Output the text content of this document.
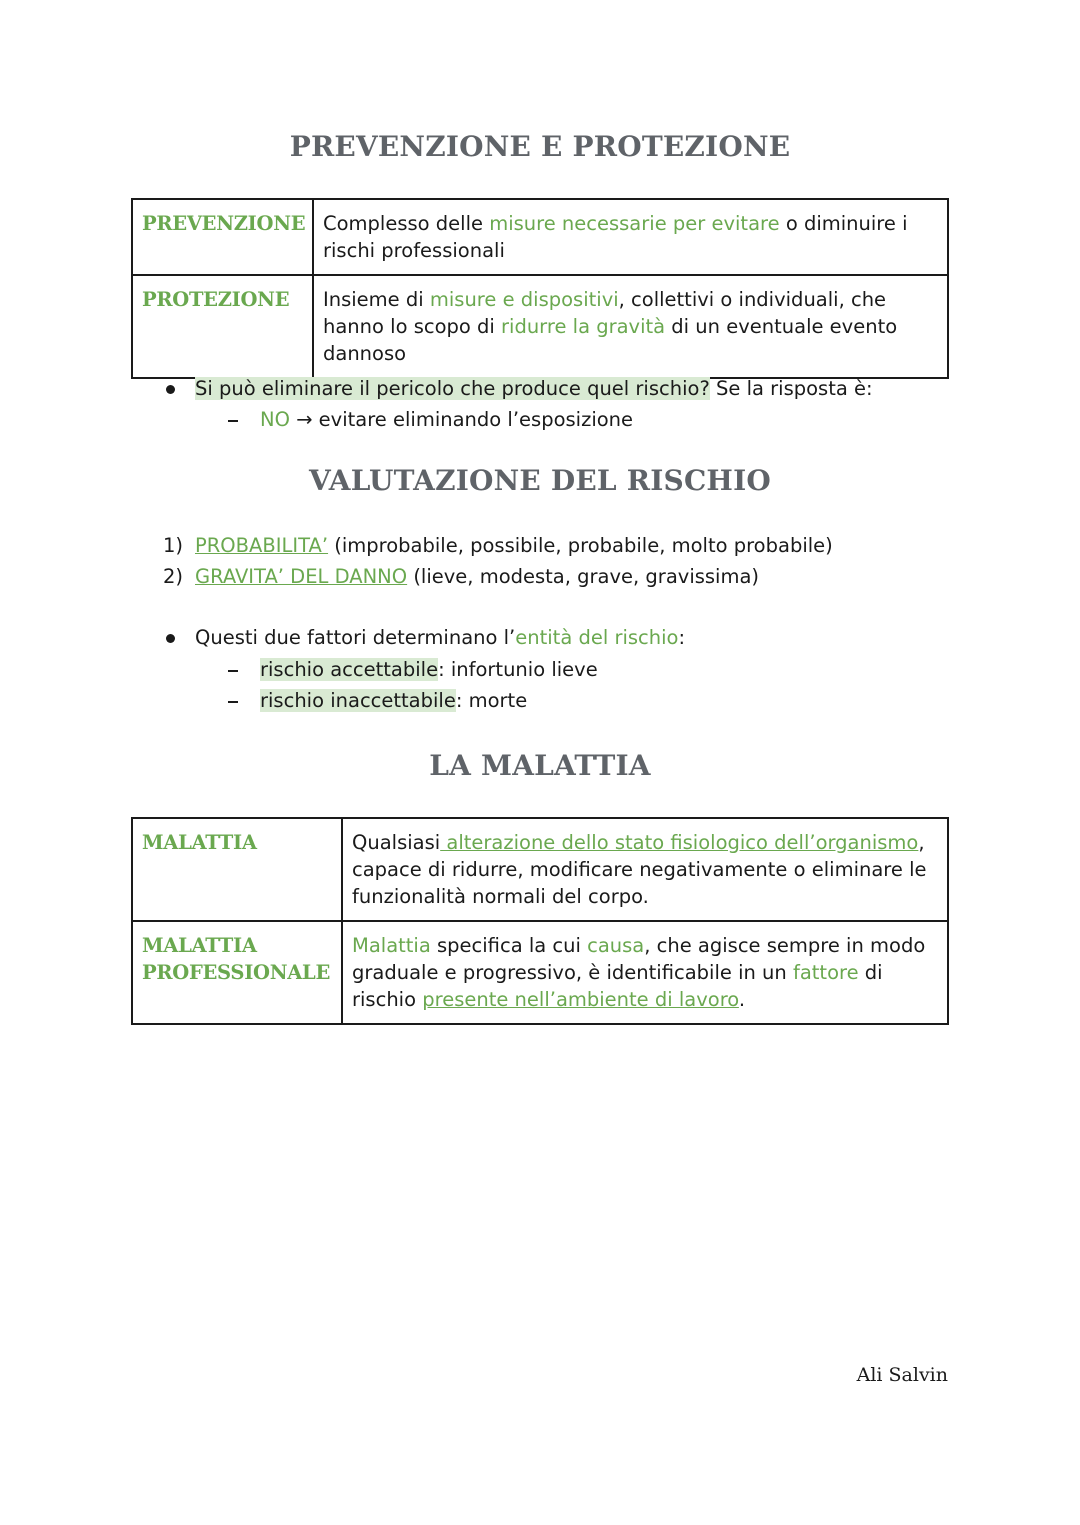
PREVENZIONE E PROTEZIONE
PREVENZIONE	Complesso delle misure necessarie per evitare o diminuire i rischi professionali
PROTEZIONE	Insieme di misure e dispositivi, collettivi o individuali, che hanno lo scopo di ridurre la gravità di un eventuale evento dannoso
Si può eliminare il pericolo che produce quel rischio? Se la risposta è:
NO → evitare eliminando l’esposizione
VALUTAZIONE DEL RISCHIO
1) PROBABILITA’ (improbabile, possibile, probabile, molto probabile)
2) GRAVITA’ DEL DANNO (lieve, modesta, grave, gravissima)
Questi due fattori determinano l’entità del rischio:
rischio accettabile: infortunio lieve
rischio inaccettabile: morte
LA MALATTIA
MALATTIA	Qualsiasi alterazione dello stato fisiologico dell’organismo, capace di ridurre, modificare negativamente o eliminare le funzionalità normali del corpo.
MALATTIA PROFESSIONALE	Malattia specifica la cui causa, che agisce sempre in modo graduale e progressivo, è identificabile in un fattore di rischio presente nell’ambiente di lavoro.
Ali Salvin
